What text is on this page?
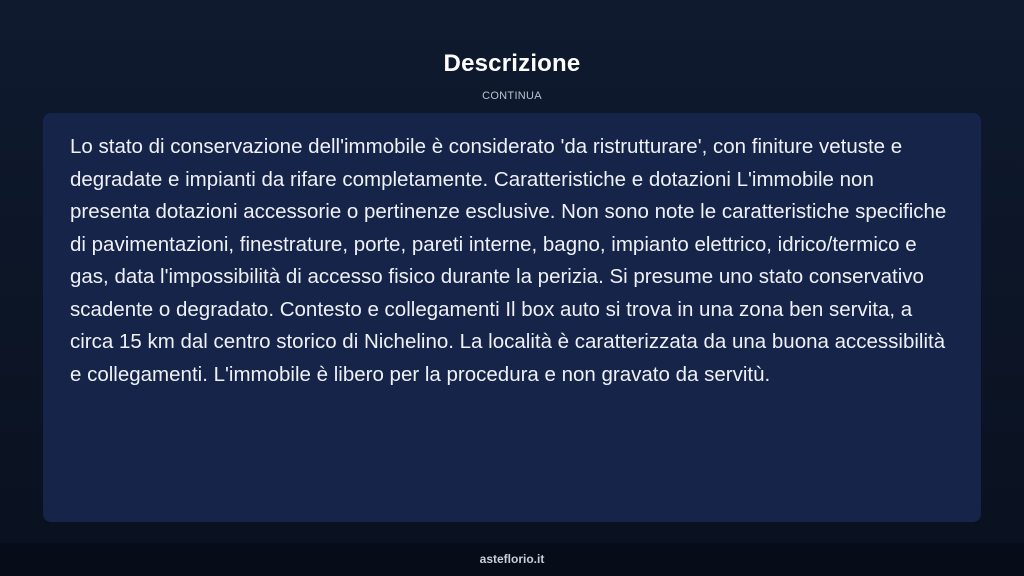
Descrizione
CONTINUA

Lo stato di conservazione dell'immobile è considerato 'da ristrutturare', con finiture vetuste e degradate e impianti da rifare completamente. Caratteristiche e dotazioni L'immobile non presenta dotazioni accessorie o pertinenze esclusive. Non sono note le caratteristiche specifiche di pavimentazioni, finestrature, porte, pareti interne, bagno, impianto elettrico, idrico/termico e gas, data l'impossibilità di accesso fisico durante la perizia. Si presume uno stato conservativo scadente o degradato. Contesto e collegamenti Il box auto si trova in una zona ben servita, a circa 15 km dal centro storico di Nichelino. La località è caratterizzata da una buona accessibilità e collegamenti. L'immobile è libero per la procedura e non gravato da servitù.

asteflorio.it
